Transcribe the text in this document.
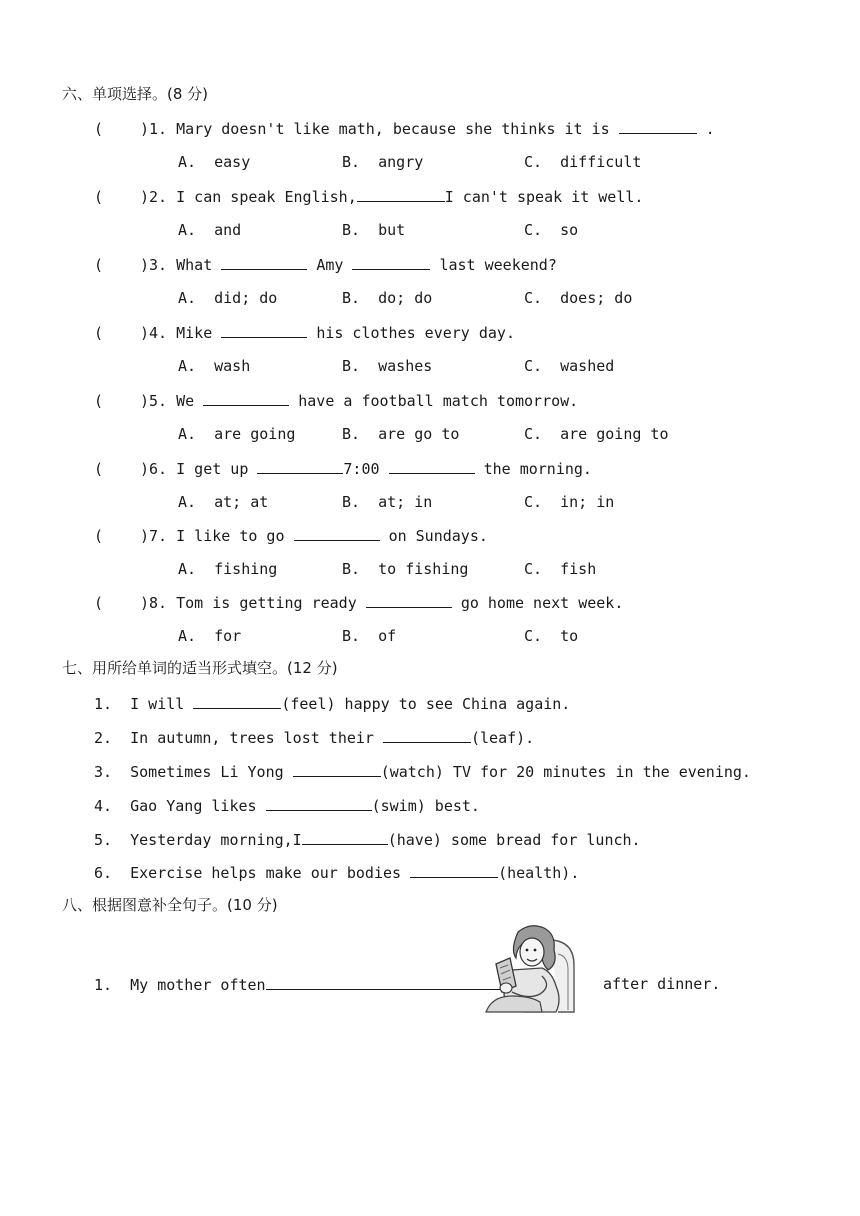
六、单项选择。(8 分)
( )1. Mary doesn't like math, because she thinks it is	.
A.  easy	B.  angry	C.  difficult
( )2. I can speak English,	I can't speak it well.
A.  and	B.  but	C.  so
( )3. What	Amy	last weekend?
A.  did; do	B.  do; do	C.  does; do
( )4. Mike	his clothes every day.
A.  wash	B.  washes	C.  washed
( )5. We	have a football match tomorrow.
A.  are going	B.  are go to	C.  are going to
( )6. I get up	7:00	the morning.
A.  at; at	B.  at; in	C.  in; in
( )7. I like to go	on Sundays.
A.  fishing	B.  to fishing	C.  fish
( )8. Tom is getting ready	go home next week.
A.  for	B.  of	C.  to
七、用所给单词的适当形式填空。(12 分)
1.  I will	(feel) happy to see China again.
2.  In autumn, trees lost their	(leaf).
3.  Sometimes Li Yong	(watch) TV for 20 minutes in the evening.
4.  Gao Yang likes	(swim) best.
5.  Yesterday morning,I	(have) some bread for lunch.
6.  Exercise helps make our bodies	(health).
八、根据图意补全句子。(10 分)
1.  My mother often	after dinner.
